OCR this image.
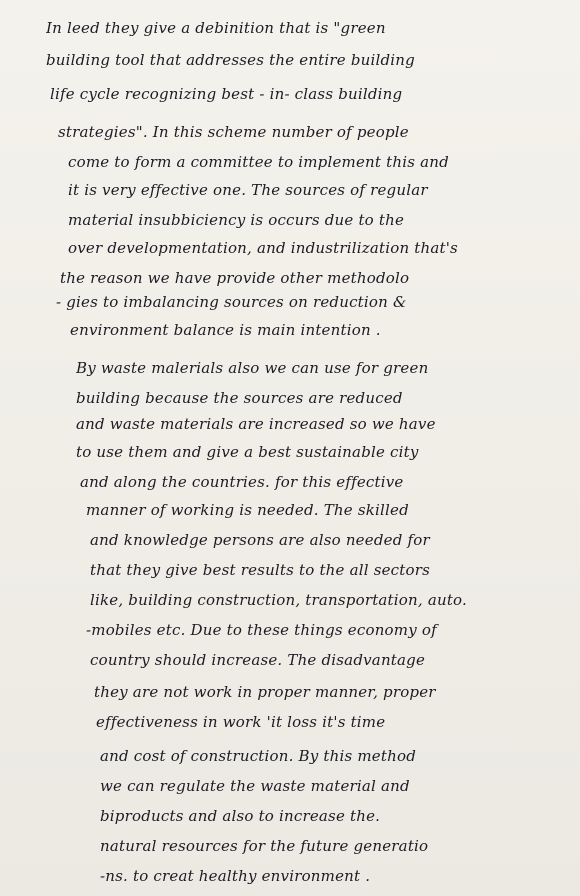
In leed they give a debinition that is "green
building tool that addresses the entire building
life cycle recognizing best - in- class building
strategies". In this scheme number of people
come to form a committee to implement this and
it is very effective one. The sources of regular
material insubbiciency is occurs due to the
over developmentation, and industrilization that's
the reason we have provide other methodolo
- gies to imbalancing sources on reduction &
environment balance is main intention .
By waste malerials also we can use for green
building because the sources are reduced
and waste materials are increased so we have
to use them and give a best sustainable city
and along the countries. for this effective
manner of working is needed. The skilled
and knowledge persons are also needed for
that they give best results to the all sectors
like, building construction, transportation, auto.
-mobiles etc. Due to these things economy of
country should increase. The disadvantage
they are not work in proper manner, proper
effectiveness in work 'it loss it's time
and cost of construction. By this method
we can regulate the waste material and
biproducts and also to increase the.
natural resources for the future generatio
-ns. to creat healthy environment .
